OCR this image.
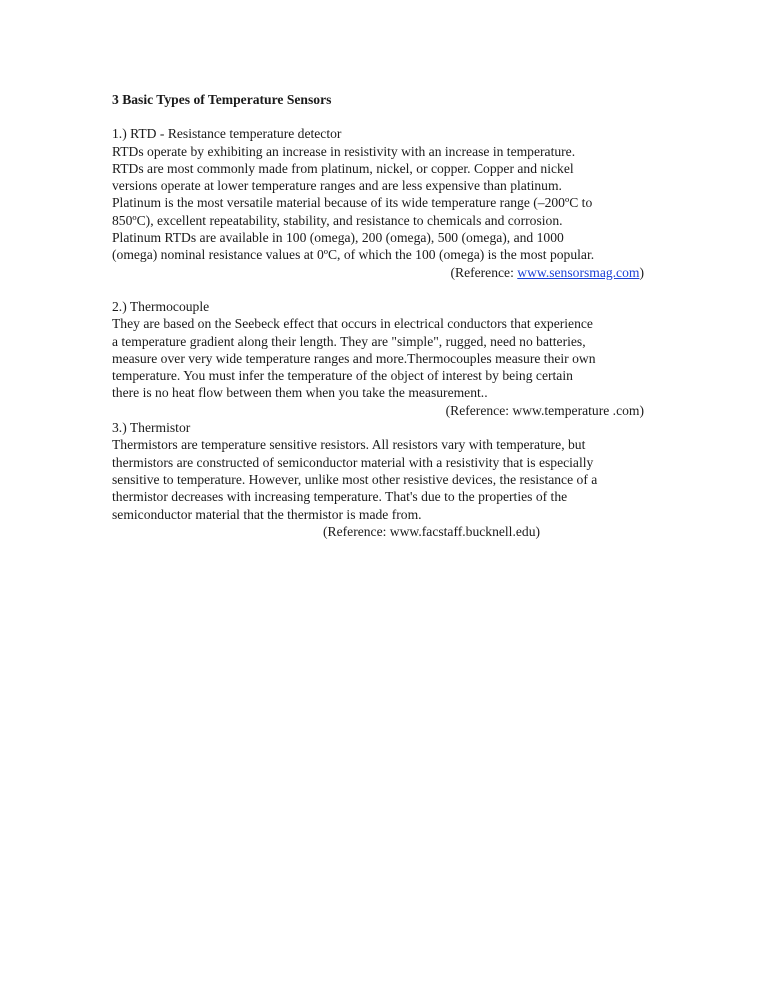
3 Basic Types of Temperature Sensors
1.) RTD - Resistance temperature detector
RTDs operate by exhibiting an increase in resistivity with an increase in temperature.
RTDs are most commonly made from platinum, nickel, or copper. Copper and nickel
versions operate at lower temperature ranges and are less expensive than platinum.
Platinum is the most versatile material because of its wide temperature range (–200ºC to
850ºC), excellent repeatability, stability, and resistance to chemicals and corrosion.
Platinum RTDs are available in 100 (omega), 200 (omega), 500 (omega), and 1000
(omega) nominal resistance values at 0ºC, of which the 100 (omega) is the most popular.
(Reference: www.sensorsmag.com)
2.) Thermocouple
They are based on the Seebeck effect that occurs in electrical conductors that experience
a temperature gradient along their length. They are "simple", rugged, need no batteries,
measure over very wide temperature ranges and more.Thermocouples measure their own
temperature. You must infer the temperature of the object of interest by being certain
there is no heat flow between them when you take the measurement..
(Reference: www.temperature .com)
3.) Thermistor
Thermistors are temperature sensitive resistors. All resistors vary with temperature, but
thermistors are constructed of semiconductor material with a resistivity that is especially
sensitive to temperature. However, unlike most other resistive devices, the resistance of a
thermistor decreases with increasing temperature. That's due to the properties of the
semiconductor material that the thermistor is made from.
(Reference: www.facstaff.bucknell.edu)
